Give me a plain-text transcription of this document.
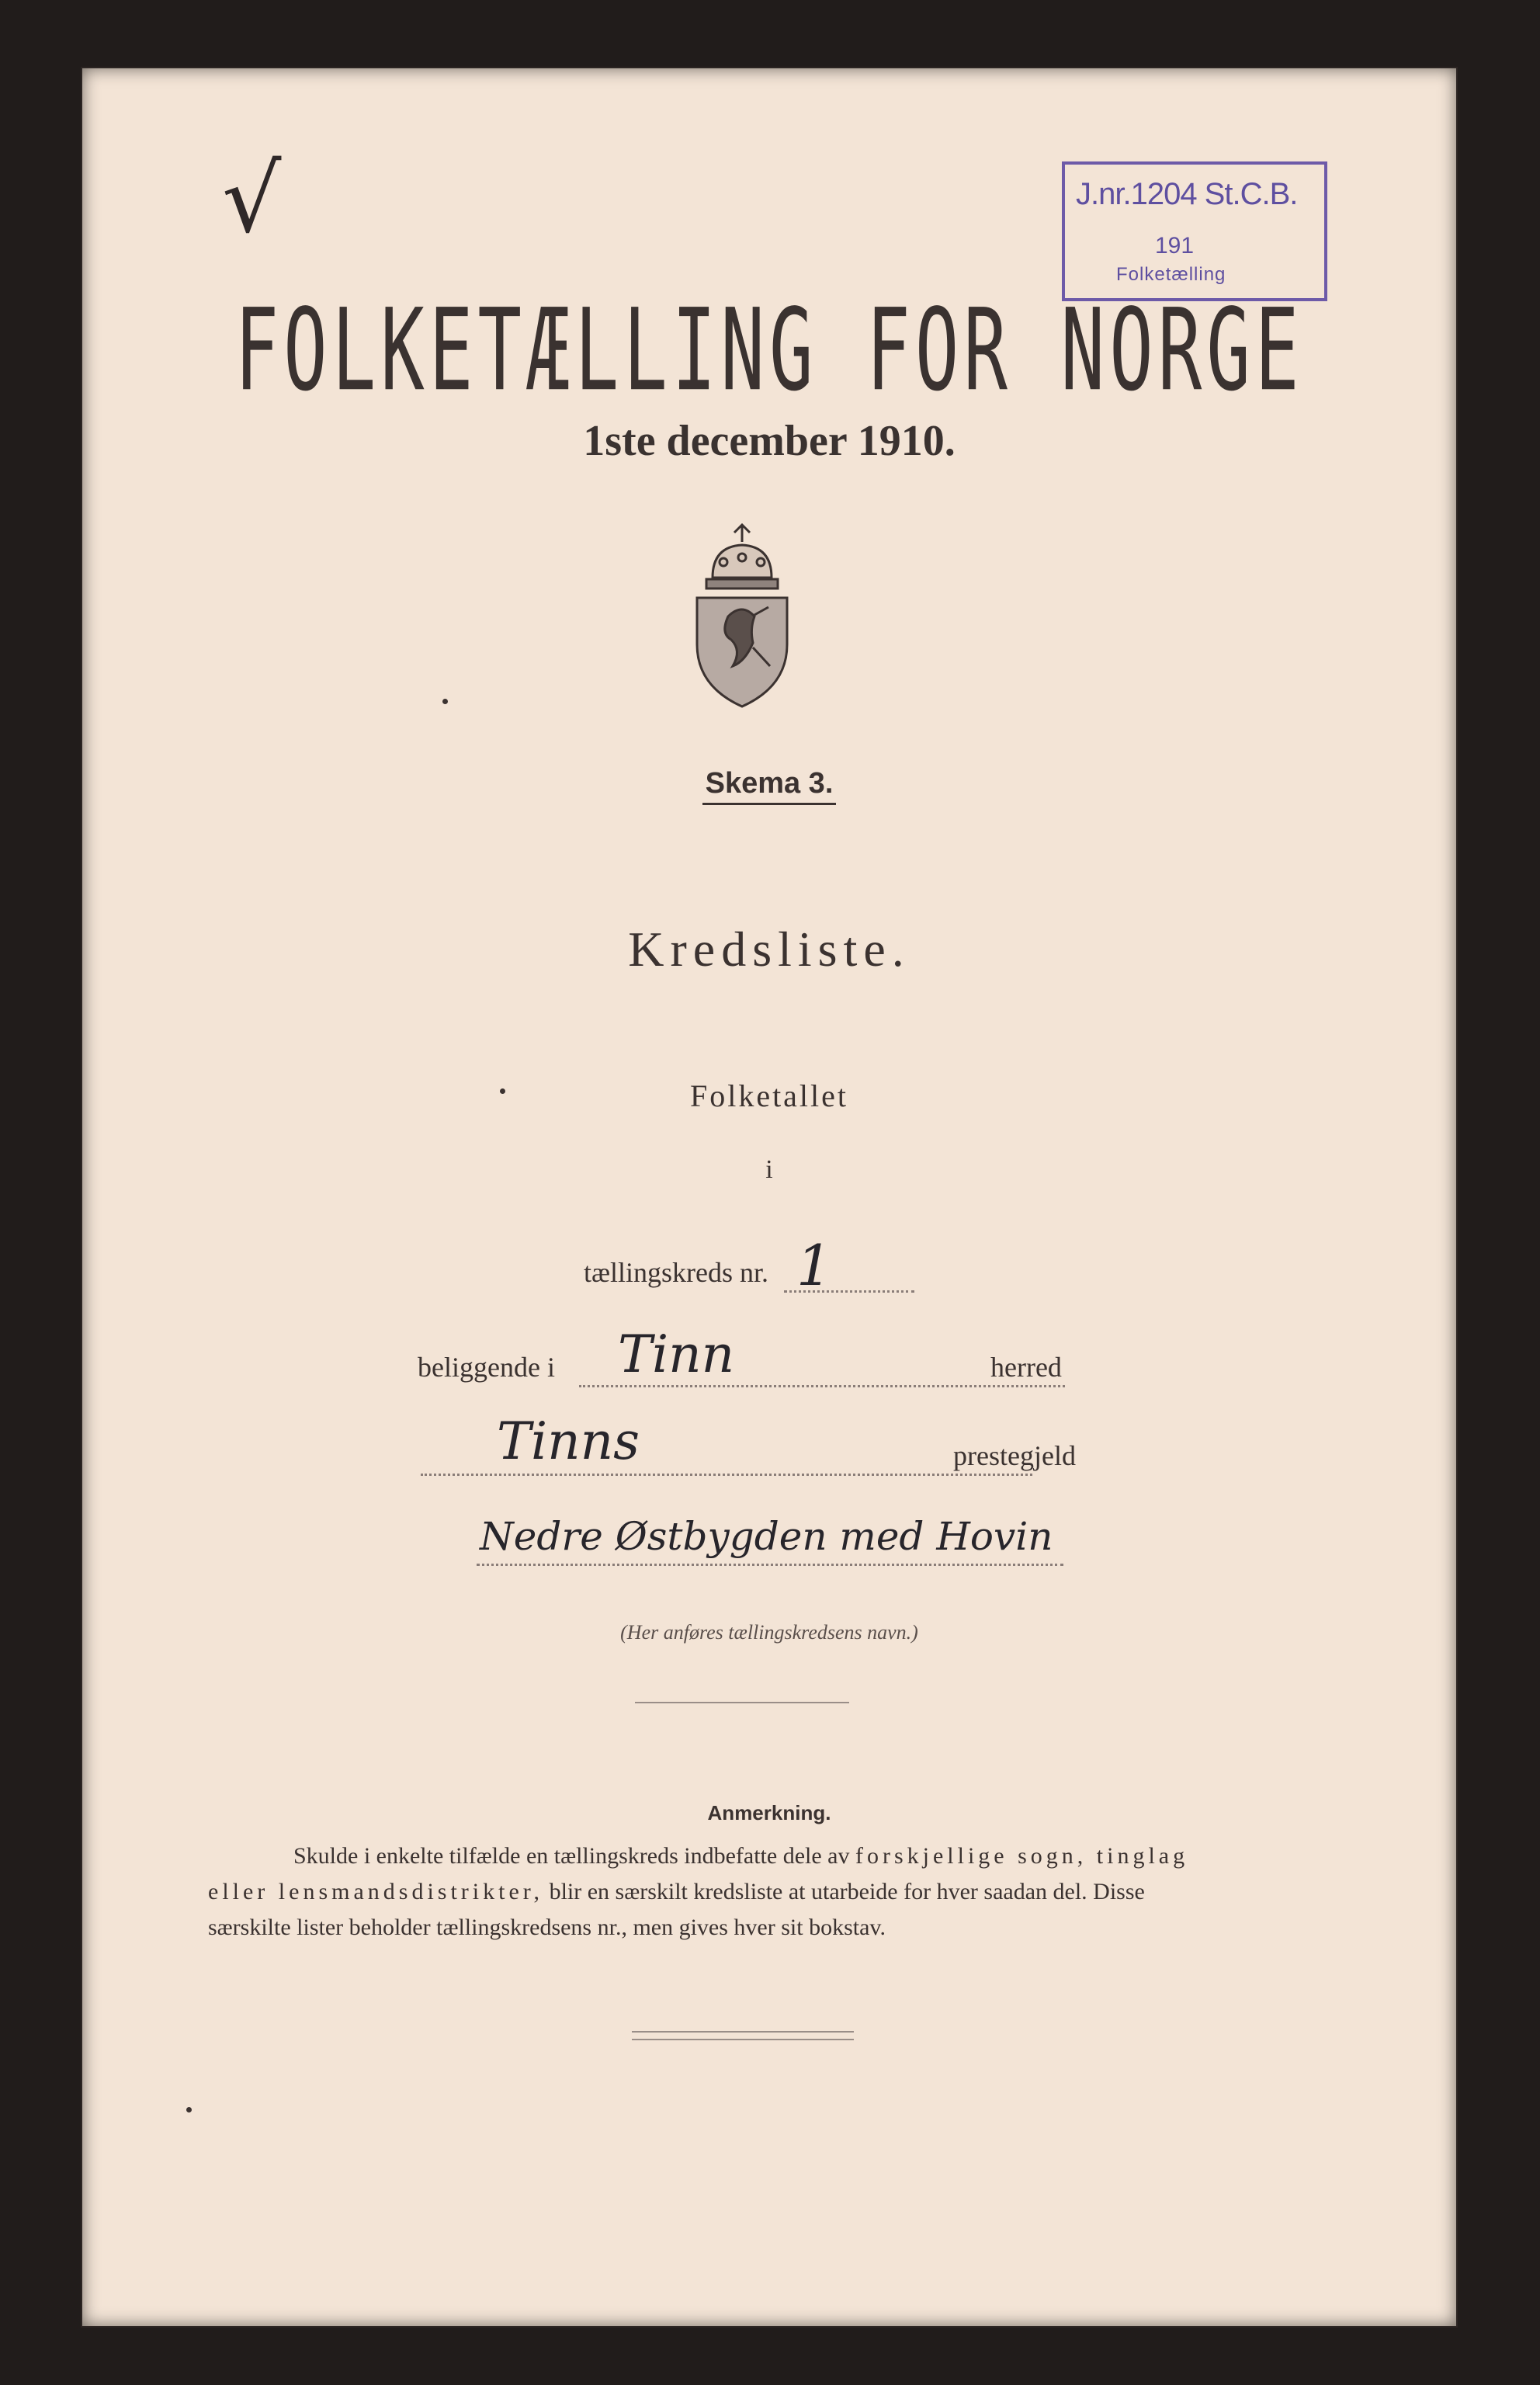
√	J.nr.1204 St.C.B.
191
Folketælling
FOLKETÆLLING FOR NORGE
1ste december 1910.
Skema 3.
Kredsliste.
Folketallet
i
tællingskreds nr. 1
beliggende i Tinn	herred
Tinns	prestegjeld
Nedre Østbygden med Hovin
(Her anføres tællingskredsens navn.)
Anmerkning.

Skulde i enkelte tilfælde en tællingskreds indbefatte dele av forskjellige sogn, tinglag

eller lensmandsdistrikter, blir en særskilt kredsliste at utarbeide for hver saadan del. Disse

særskilte lister beholder tællingskredsens nr., men gives hver sit bokstav.
